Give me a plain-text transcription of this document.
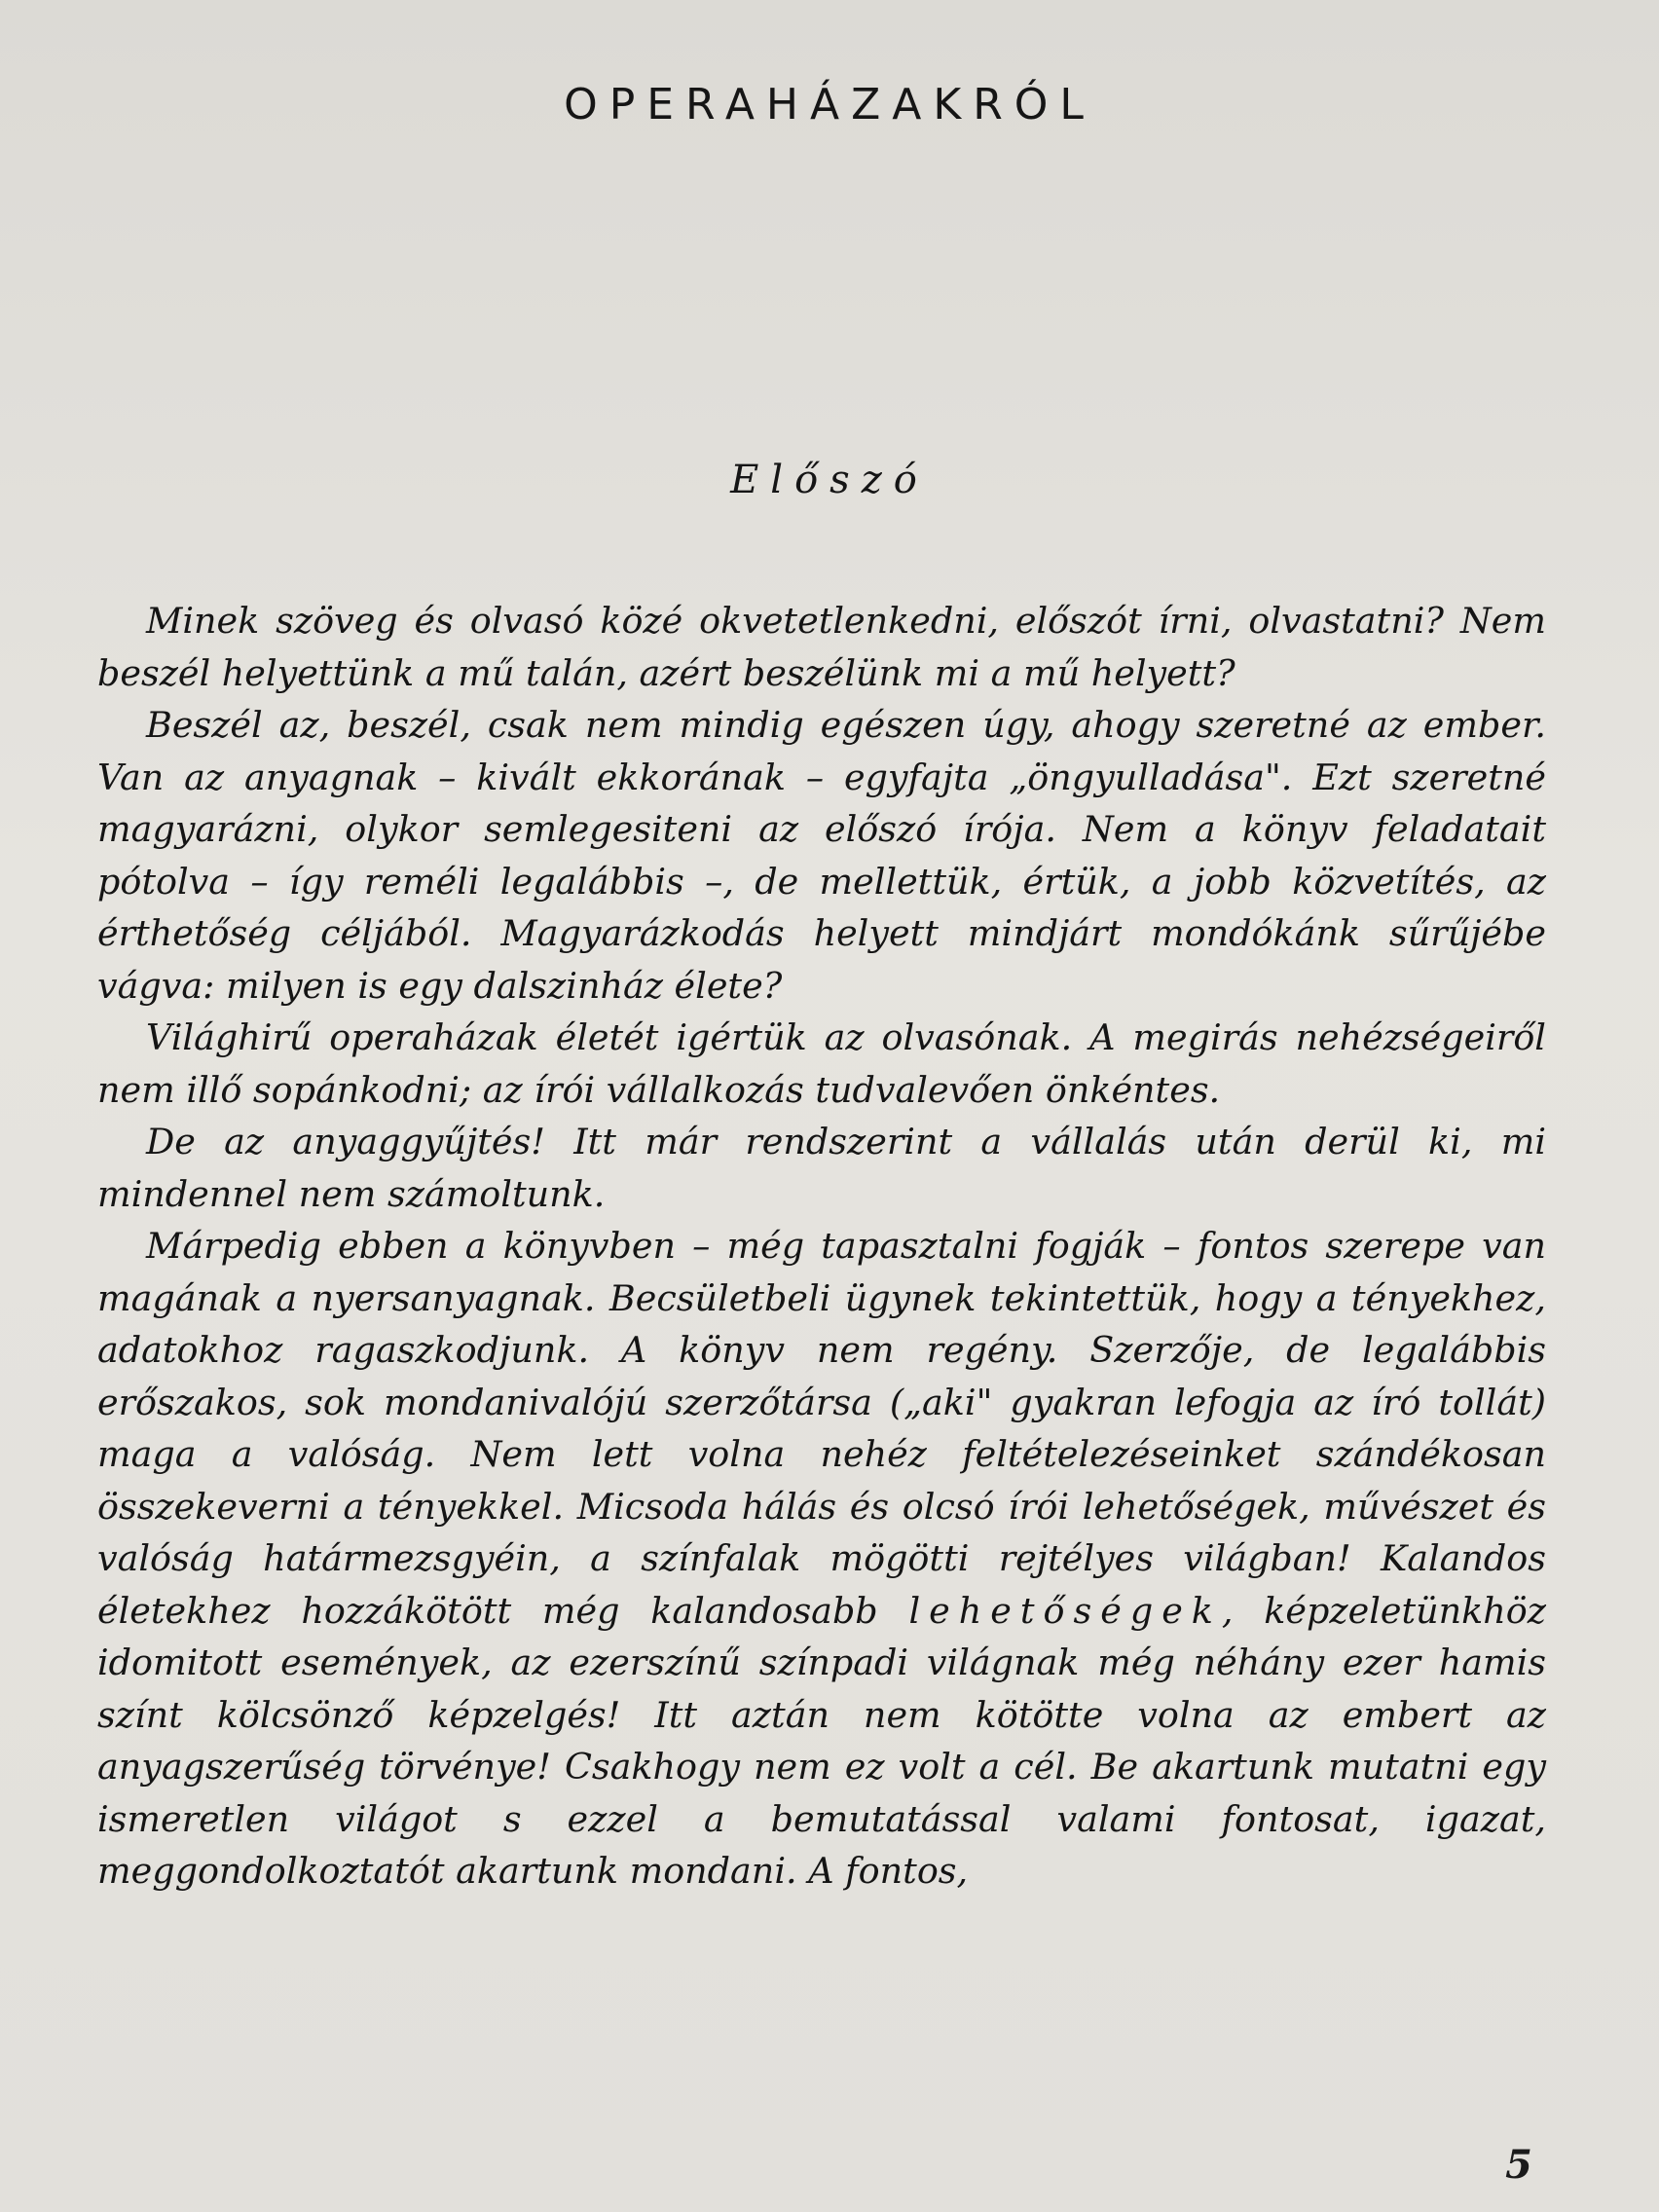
OPERAHÁZAKRÓL
Előszó

Minek szöveg és olvasó közé okvetetlenkedni, előszót írni, olvastatni? Nem beszél helyettünk a mű talán, azért beszélünk mi a mű helyett?

Beszél az, beszél, csak nem mindig egészen úgy, ahogy szeretné az ember. Van az anyagnak – kivált ekkorának – egyfajta „öngyulladása". Ezt szeretné magyarázni, olykor semlegesiteni az előszó írója. Nem a könyv feladatait pótolva – így reméli legalábbis –, de mellettük, értük, a jobb közvetítés, az érthetőség céljából. Magyarázkodás helyett mindjárt mondókánk sűrűjébe vágva: milyen is egy dalszinház élete?

Világhirű operaházak életét igértük az olvasónak. A megirás nehézségeiről nem illő sopánkodni; az írói vállalkozás tudvalevően önkéntes.

De az anyaggyűjtés! Itt már rendszerint a vállalás után derül ki, mi mindennel nem számoltunk.

Márpedig ebben a könyvben – még tapasztalni fogják – fontos szerepe van magának a nyersanyagnak. Becsületbeli ügynek tekintettük, hogy a tényekhez, adatokhoz ragaszkodjunk. A könyv nem regény. Szerzője, de legalábbis erőszakos, sok mondanivalójú szerzőtársa („aki" gyakran lefogja az író tollát) maga a valóság. Nem lett volna nehéz feltételezéseinket szándékosan összekeverni a tényekkel. Micsoda hálás és olcsó írói lehetőségek, művészet és valóság határmezsgyéin, a színfalak mögötti rejtélyes világban! Kalandos életekhez hozzákötött még kalandosabb lehetőségek, képzeletünkhöz idomitott események, az ezerszínű színpadi világnak még néhány ezer hamis színt kölcsönző képzelgés! Itt aztán nem kötötte volna az embert az anyagszerűség törvénye! Csakhogy nem ez volt a cél. Be akartunk mutatni egy ismeretlen világot s ezzel a bemutatással valami fontosat, igazat, meggondolkoztatót akartunk mondani. A fontos,

5
